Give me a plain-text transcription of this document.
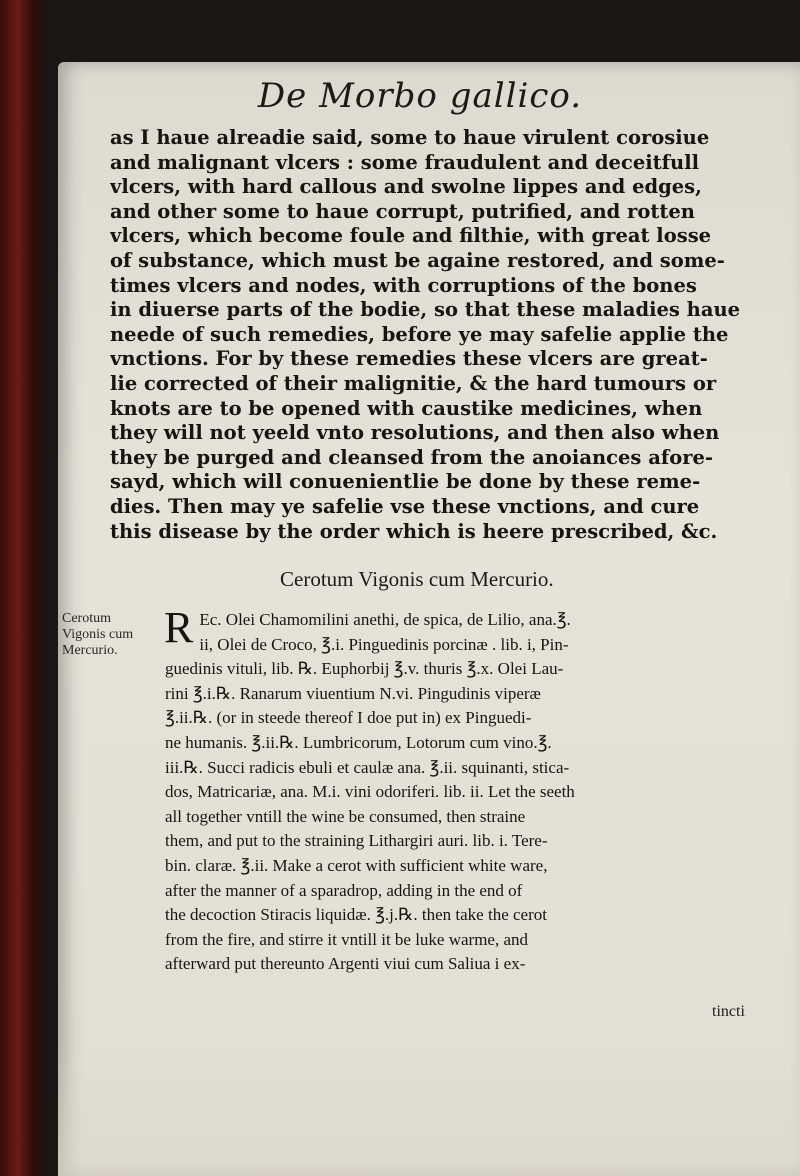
De Morbo gallico.
as I haue alreadie said, some to haue virulent corosiue
and malignant vlcers : some fraudulent and deceitfull
vlcers, with hard callous and swolne lippes and edges,
and other some to haue corrupt, putrified, and rotten
vlcers, which become foule and filthie, with great losse
of substance, which must be againe restored, and some-
times vlcers and nodes, with corruptions of the bones
in diuerse parts of the bodie, so that these maladies haue
neede of such remedies, before ye may safelie applie the
vnctions. For by these remedies these vlcers are great-
lie corrected of their malignitie, & the hard tumours or
knots are to be opened with caustike medicines, when
they will not yeeld vnto resolutions, and then also when
they be purged and cleansed from the anoiances afore-
sayd, which will conuenientlie be done by these reme-
dies. Then may ye safelie vse these vnctions, and cure
this disease by the order which is heere prescribed, &c.
Cerotum Vigonis cum Mercurio.
Cerotum
Vigonis cum
Mercurio.	R Ec. Olei Chamomilini anethi, de spica, de Lilio, ana.℥.
ii, Olei de Croco, ℥.i. Pinguedinis porcinæ . lib. i, Pin-
guedinis vituli, lib. ℞. Euphorbij ℥.v. thuris ℥.x. Olei Lau-
rini ℥.i.℞. Ranarum viuentium N.vi. Pingudinis viperæ
℥.ii.℞. (or in steede thereof I doe put in) ex Pinguedi-
ne humanis. ℥.ii.℞. Lumbricorum, Lotorum cum vino.℥.
iii.℞. Succi radicis ebuli et caulæ ana. ℥.ii. squinanti, stica-
dos, Matricariæ, ana. M.i. vini odoriferi. lib. ii. Let the seeth
all together vntill the wine be consumed, then straine
them, and put to the straining Lithargiri auri. lib. i. Tere-
bin. claræ. ℥.ii. Make a cerot with sufficient white ware,
after the manner of a sparadrop, adding in the end of
the decoction Stiracis liquidæ. ℥.j.℞. then take the cerot
from the fire, and stirre it vntill it be luke warme, and
afterward put thereunto Argenti viui cum Saliua i ex-
tincti
